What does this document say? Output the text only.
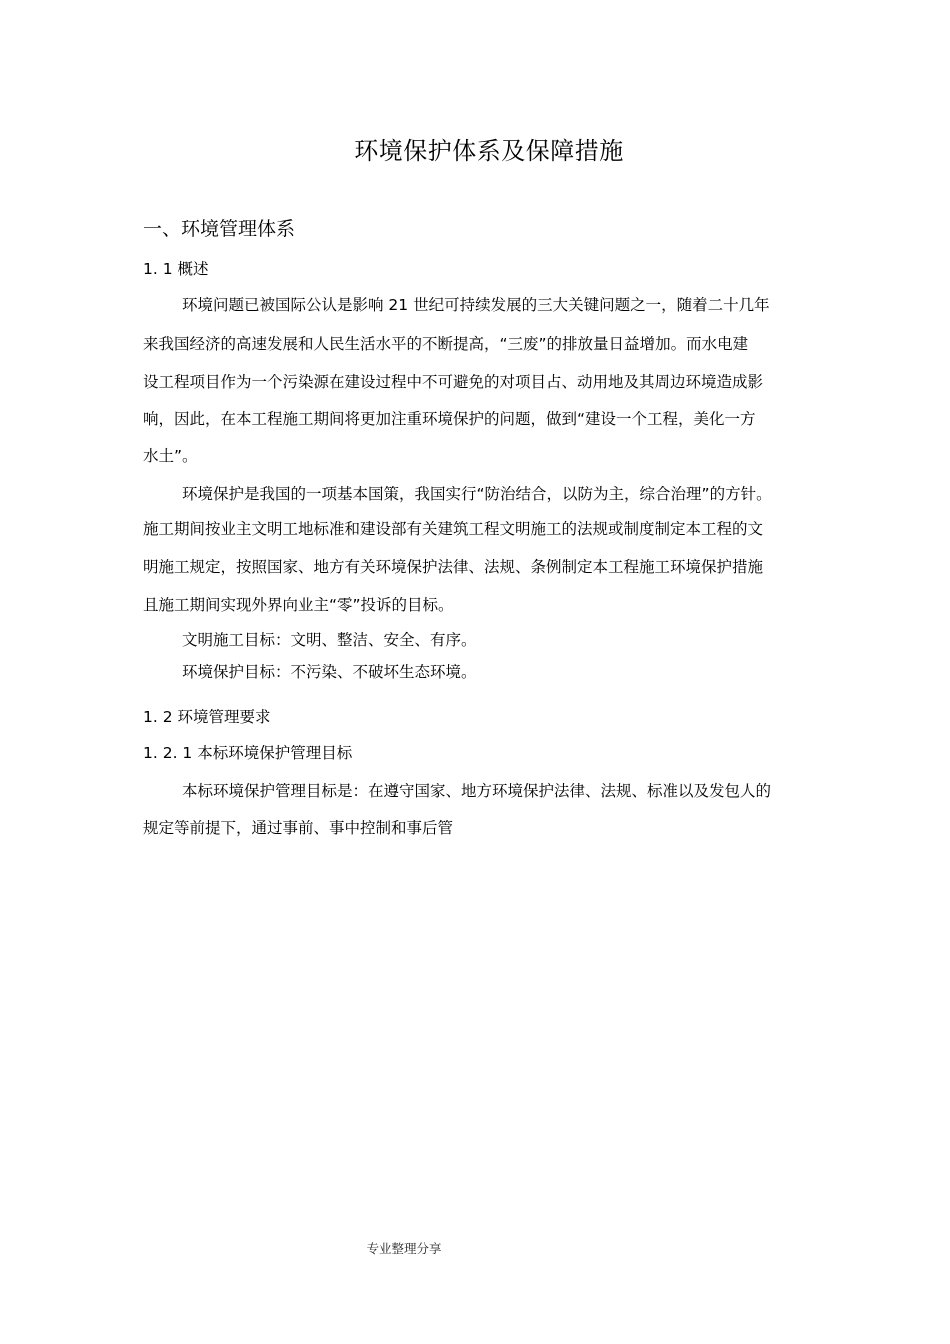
环境保护体系及保障措施
一、环境管理体系
1. 1 概述
环境问题已被国际公认是影响 21 世纪可持续发展的三大关键问题之一，随着二十几年
来我国经济的高速发展和人民生活水平的不断提高，“三废”的排放量日益增加。而水电建
设工程项目作为一个污染源在建设过程中不可避免的对项目占、动用地及其周边环境造成影
响，因此，在本工程施工期间将更加注重环境保护的问题，做到“建设一个工程，美化一方
水土”。
环境保护是我国的一项基本国策，我国实行“防治结合，以防为主，综合治理”的方针。
施工期间按业主文明工地标准和建设部有关建筑工程文明施工的法规或制度制定本工程的文
明施工规定，按照国家、地方有关环境保护法律、法规、条例制定本工程施工环境保护措施
且施工期间实现外界向业主“零”投诉的目标。
文明施工目标：文明、整洁、安全、有序。
环境保护目标：不污染、不破坏生态环境。
1. 2 环境管理要求
1. 2. 1 本标环境保护管理目标
本标环境保护管理目标是：在遵守国家、地方环境保护法律、法规、标准以及发包人的
规定等前提下，通过事前、事中控制和事后管
专业整理分享
